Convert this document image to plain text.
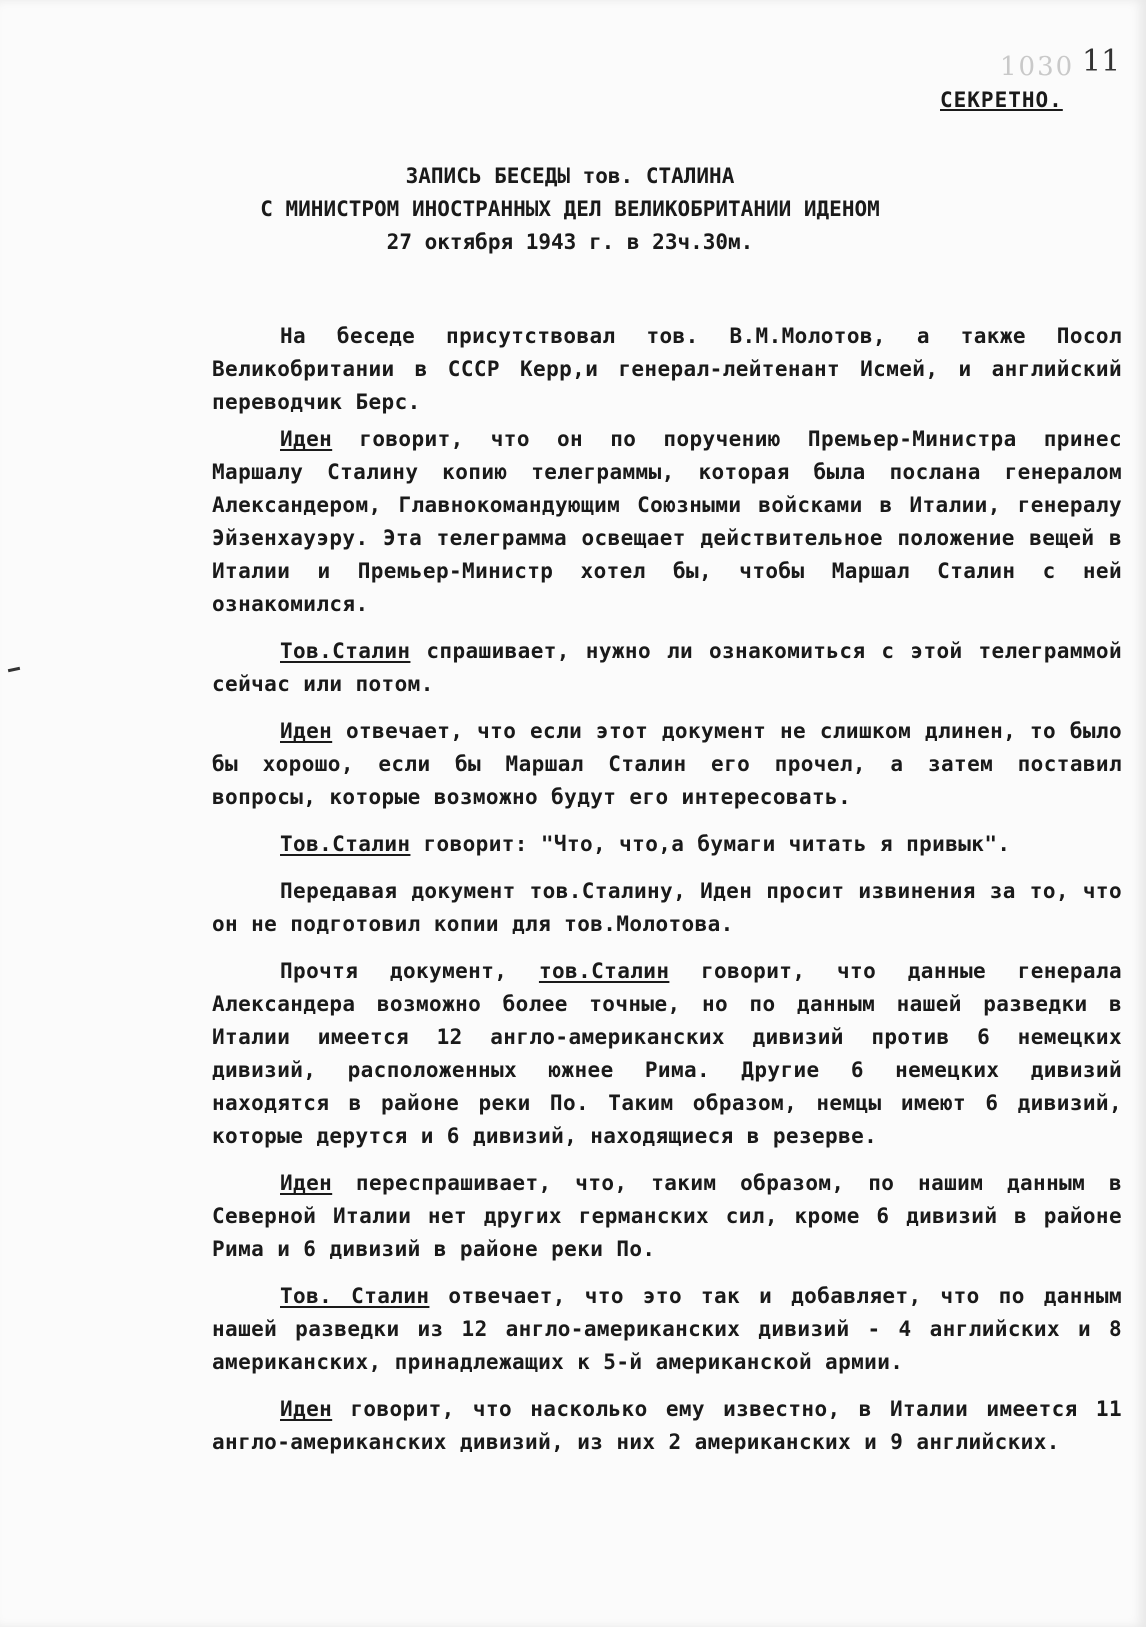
1030 11
СЕКРЕТНО.
ЗАПИСЬ БЕСЕДЫ тов. СТАЛИНА
С МИНИСТРОМ ИНОСТРАННЫХ ДЕЛ ВЕЛИКОБРИТАНИИ ИДЕНОМ
27 октября 1943 г. в 23ч.30м.

На беседе присутствовал тов. В.М.Молотов, а также Посол Великобритании в СССР Керр,и генерал-лейтенант Исмей, и английский переводчик Берс.

Иден говорит, что он по поручению Премьер-Министра принес Маршалу Сталину копию телеграммы, которая была послана генералом Александером, Главнокомандующим Союзными войсками в Италии, генералу Эйзенхауэру. Эта телеграмма освещает действительное положение вещей в Италии и Премьер-Министр хотел бы, чтобы Маршал Сталин с ней ознакомился.

Тов.Сталин спрашивает, нужно ли ознакомиться с этой телеграммой сейчас или потом.

Иден отвечает, что если этот документ не слишком длинен, то было бы хорошо, если бы Маршал Сталин его прочел, а затем поставил вопросы, которые возможно будут его интересовать.

Тов.Сталин говорит: "Что, что,а бумаги читать я привык".

Передавая документ тов.Сталину, Иден просит извинения за то, что он не подготовил копии для тов.Молотова.

Прочтя документ, тов.Сталин говорит, что данные генерала Александера возможно более точные, но по данным нашей разведки в Италии имеется 12 англо-американских дивизий против 6 немецких дивизий, расположенных южнее Рима. Другие 6 немецких дивизий находятся в районе реки По. Таким образом, немцы имеют 6 дивизий, которые дерутся и 6 дивизий, находящиеся в резерве.

Иден переспрашивает, что, таким образом, по нашим данным в Северной Италии нет других германских сил, кроме 6 дивизий в районе Рима и 6 дивизий в районе реки По.

Тов. Сталин отвечает, что это так и добавляет, что по данным нашей разведки из 12 англо-американских дивизий - 4 английских и 8 американских, принадлежащих к 5-й американской армии.

Иден говорит, что насколько ему известно, в Италии имеется 11 англо-американских дивизий, из них 2 американских и 9 английских.
